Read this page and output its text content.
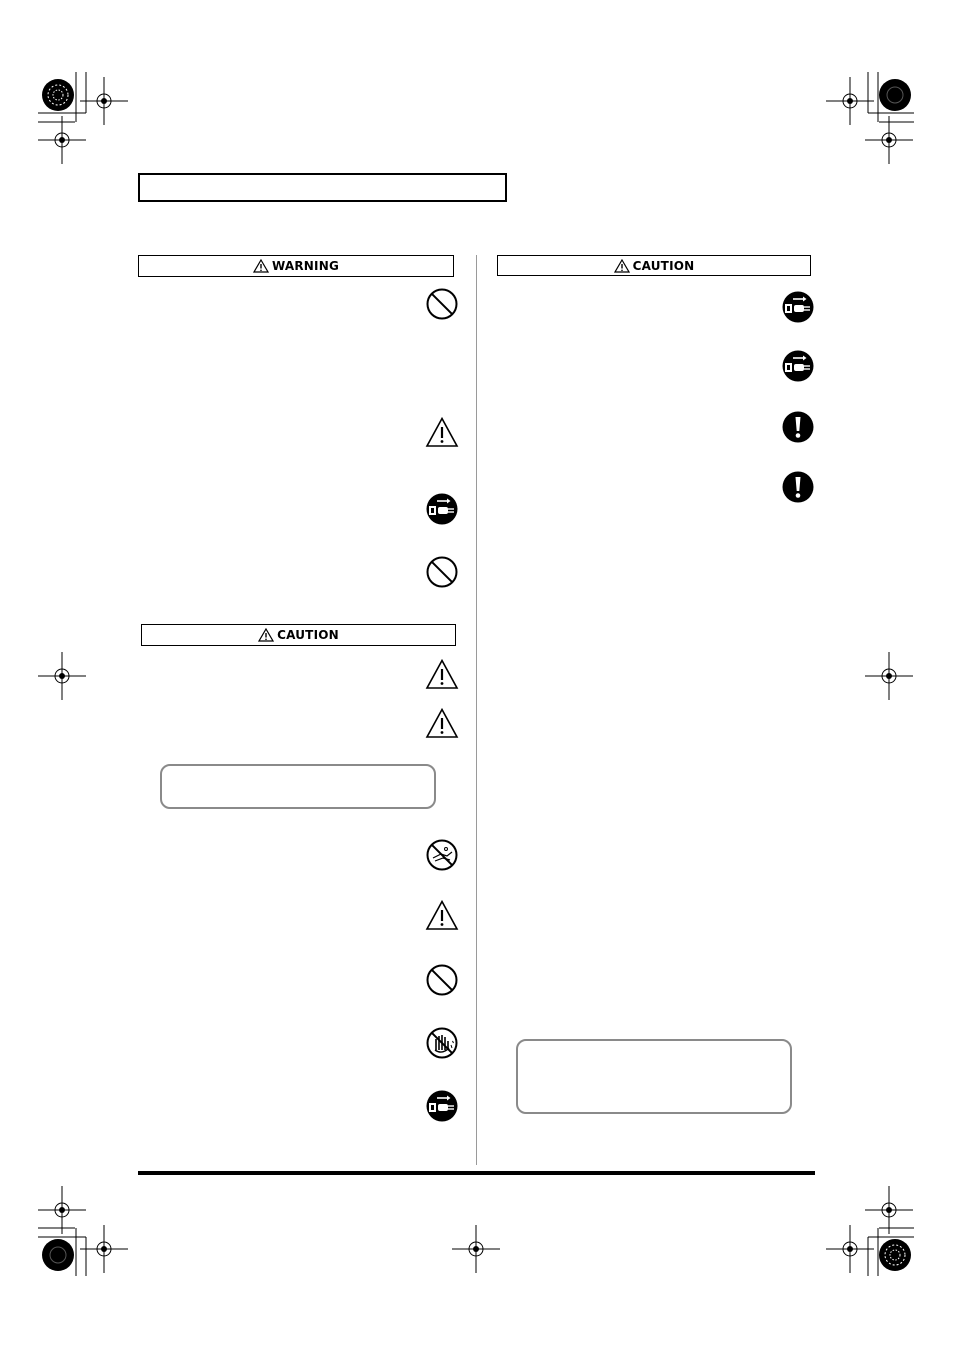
WARNING
CAUTION
CAUTION
